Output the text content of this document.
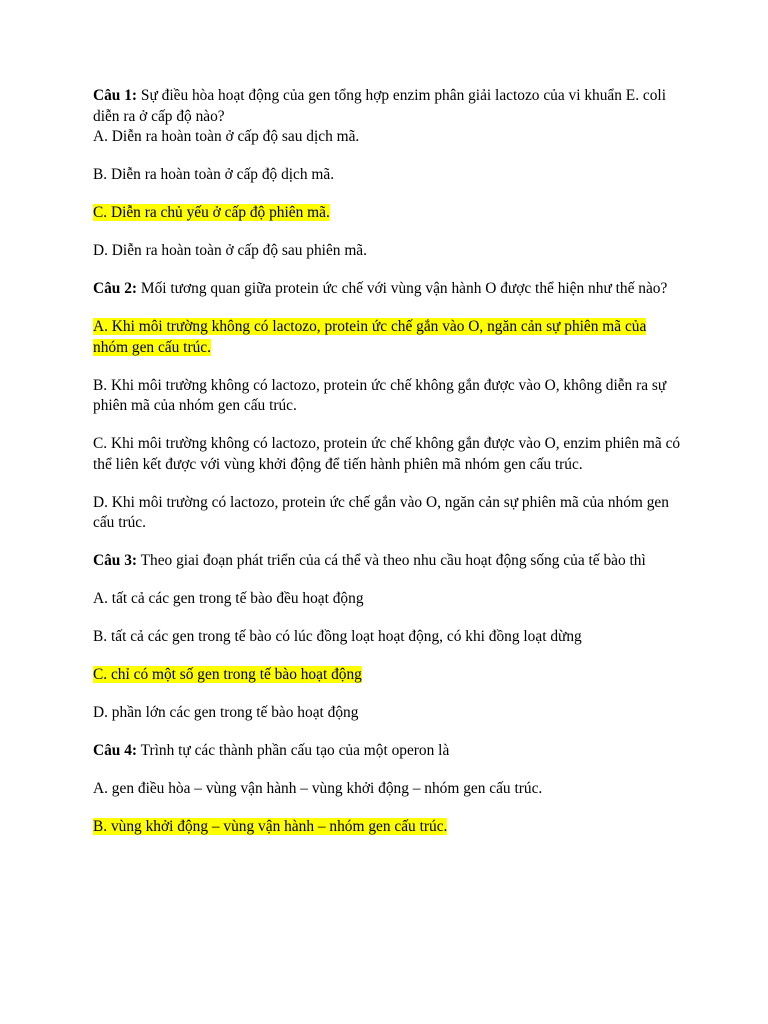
Câu 1: Sự điều hòa hoạt động của gen tổng hợp enzim phân giải lactozo của vi khuẩn E. coli diễn ra ở cấp độ nào?

A. Diễn ra hoàn toàn ở cấp độ sau dịch mã.

B. Diễn ra hoàn toàn ở cấp độ dịch mã.

C. Diễn ra chủ yếu ở cấp độ phiên mã.

D. Diễn ra hoàn toàn ở cấp độ sau phiên mã.

Câu 2: Mối tương quan giữa protein ức chế với vùng vận hành O được thể hiện như thế nào?

A. Khi môi trường không có lactozo, protein ức chế gắn vào O, ngăn cản sự phiên mã của nhóm gen cấu trúc.

B. Khi môi trường không có lactozo, protein ức chế không gắn được vào O, không diễn ra sự phiên mã của nhóm gen cấu trúc.

C. Khi môi trường không có lactozo, protein ức chế không gắn được vào O, enzim phiên mã có thể liên kết được với vùng khởi động để tiến hành phiên mã nhóm gen cấu trúc.

D. Khi môi trường có lactozo, protein ức chế gắn vào O, ngăn cản sự phiên mã của nhóm gen cấu trúc.

Câu 3: Theo giai đoạn phát triển của cá thể và theo nhu cầu hoạt động sống của tế bào thì

A. tất cả các gen trong tế bào đều hoạt động

B. tất cả các gen trong tế bào có lúc đồng loạt hoạt động, có khi đồng loạt dừng

C. chỉ có một số gen trong tế bào hoạt động

D. phần lớn các gen trong tế bào hoạt động

Câu 4: Trình tự các thành phần cấu tạo của một operon là

A. gen điều hòa – vùng vận hành – vùng khởi động – nhóm gen cấu trúc.

B. vùng khởi động – vùng vận hành – nhóm gen cấu trúc.
